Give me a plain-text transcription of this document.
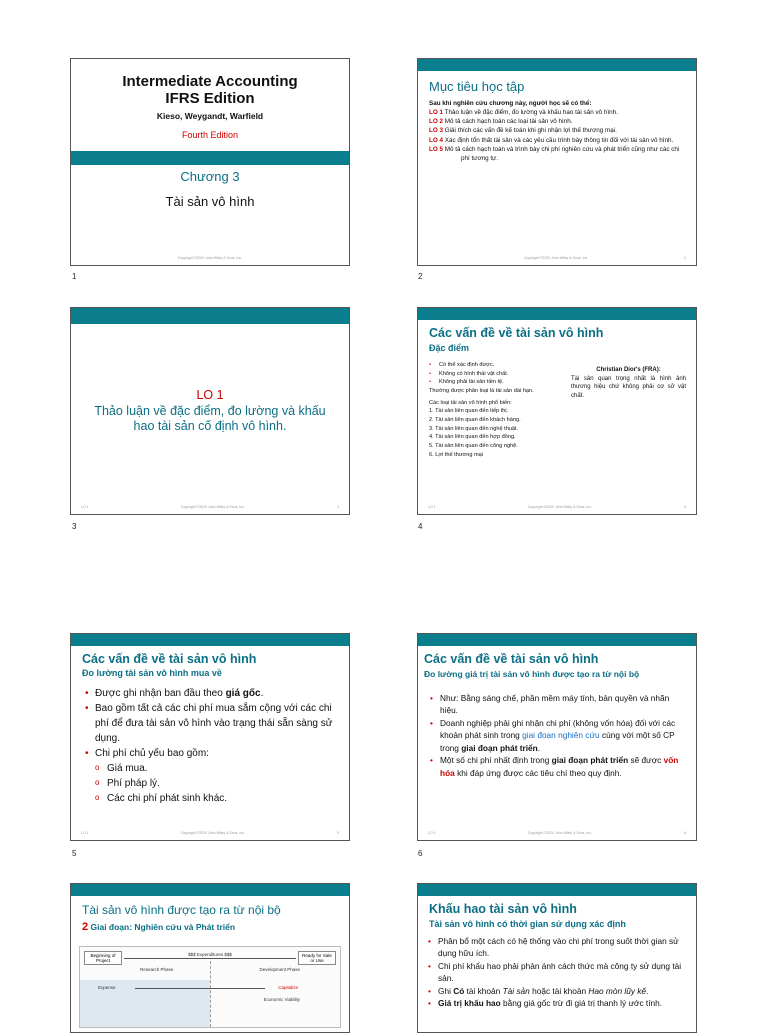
Intermediate Accounting
IFRS Edition
Kieso, Weygandt, Warfield
Fourth Edition
Chương 3
Tài sản vô hình
Copyright ©2020 John Wiley & Sons, Inc.
1
Mục tiêu học tập
Sau khi nghiên cứu chương này, người học sẽ có thể:
LO 1 Thảo luận về đặc điểm, đo lường và khấu hao tài sản vô hình.
LO 2 Mô tả cách hạch toán các loại tài sản vô hình.
LO 3 Giải thích các vấn đề kế toán khi ghi nhận lợi thế thương mại.
LO 4 Xác định tổn thất tài sản và các yêu cầu trình bày thông tin đối với tài sản vô hình.
LO 5 Mô tả cách hạch toán và trình bày chi phí nghiên cứu và phát triển cũng như các chi phí tương tự.
Copyright ©2020 John Wiley & Sons, Inc.	2
2
LO 1
Thảo luận về đặc điểm, đo lường và khấu hao tài sản cố định vô hình.
LO 1	Copyright ©2020 John Wiley & Sons, Inc.	3
3
Các vấn đề về tài sản vô hình
Đặc điểm
• Có thể xác định được.
• Không có hình thái vật chất.
• Không phải tài sản tiền tệ.
Thường được phân loại là tài sản dài hạn.
Các loại tài sản vô hình phổ biến:
1. Tài sản liên quan đến tiếp thị.
2. Tài sản liên quan đến khách hàng.
3. Tài sản liên quan đến nghệ thuật.
4. Tài sản liên quan đến hợp đồng.
5. Tài sản liên quan đến công nghệ.
6. Lợi thế thương mại
Christian Dior's (FRA):
Tài sản quan trọng nhất là hình ảnh thương hiệu chứ không phải cơ sở vật chất.
LO 1	Copyright ©2020 John Wiley & Sons, Inc.	4
4
Các vấn đề về tài sản vô hình
Đo lường tài sản vô hình mua về
• Được ghi nhận ban đầu theo giá gốc.
• Bao gồm tất cả các chi phí mua sắm cộng với các chi phí để đưa tài sản vô hình vào trạng thái sẵn sàng sử dụng.
• Chi phí chủ yếu bao gồm:
o Giá mua.
o Phí pháp lý.
o Các chi phí phát sinh khác.
LO 1	Copyright ©2020 John Wiley & Sons, Inc.	5
5
Các vấn đề về tài sản vô hình
Đo lường giá trị tài sản vô hình được tạo ra từ nội bộ
• Như: Bằng sáng chế, phần mềm máy tính, bản quyền và nhãn hiệu.
• Doanh nghiệp phải ghi nhận chi phí (không vốn hóa) đối với các khoản phát sinh trong giai đoạn nghiên cứu cùng với một số CP trong giai đoạn phát triển.
• Một số chi phí nhất định trong giai đoạn phát triển sẽ được vốn hóa khi đáp ứng được các tiêu chí theo quy định.
LO 1	Copyright ©2020 John Wiley & Sons, Inc.	6
6
Tài sản vô hình được tạo ra từ nội bộ
2 Giai đoạn: Nghiên cứu và Phát triển
Beginning of Project
Ready for Sale or Use
$$$ Expenditures $$$
Research Phase	Development Phase
Expense	Capitalize
Economic Viability
Khấu hao tài sản vô hình
Tài sản vô hình có thời gian sử dụng xác định
• Phân bổ một cách có hệ thống vào chi phí trong suốt thời gian sử dụng hữu ích.
• Chi phí khấu hao phải phản ánh cách thức mà công ty sử dụng tài sản.
• Ghi Có tài khoản Tài sản hoặc tài khoản Hao mòn lũy kế.
• Giá trị khấu hao bằng giá gốc trừ đi giá trị thanh lý ước tính.
